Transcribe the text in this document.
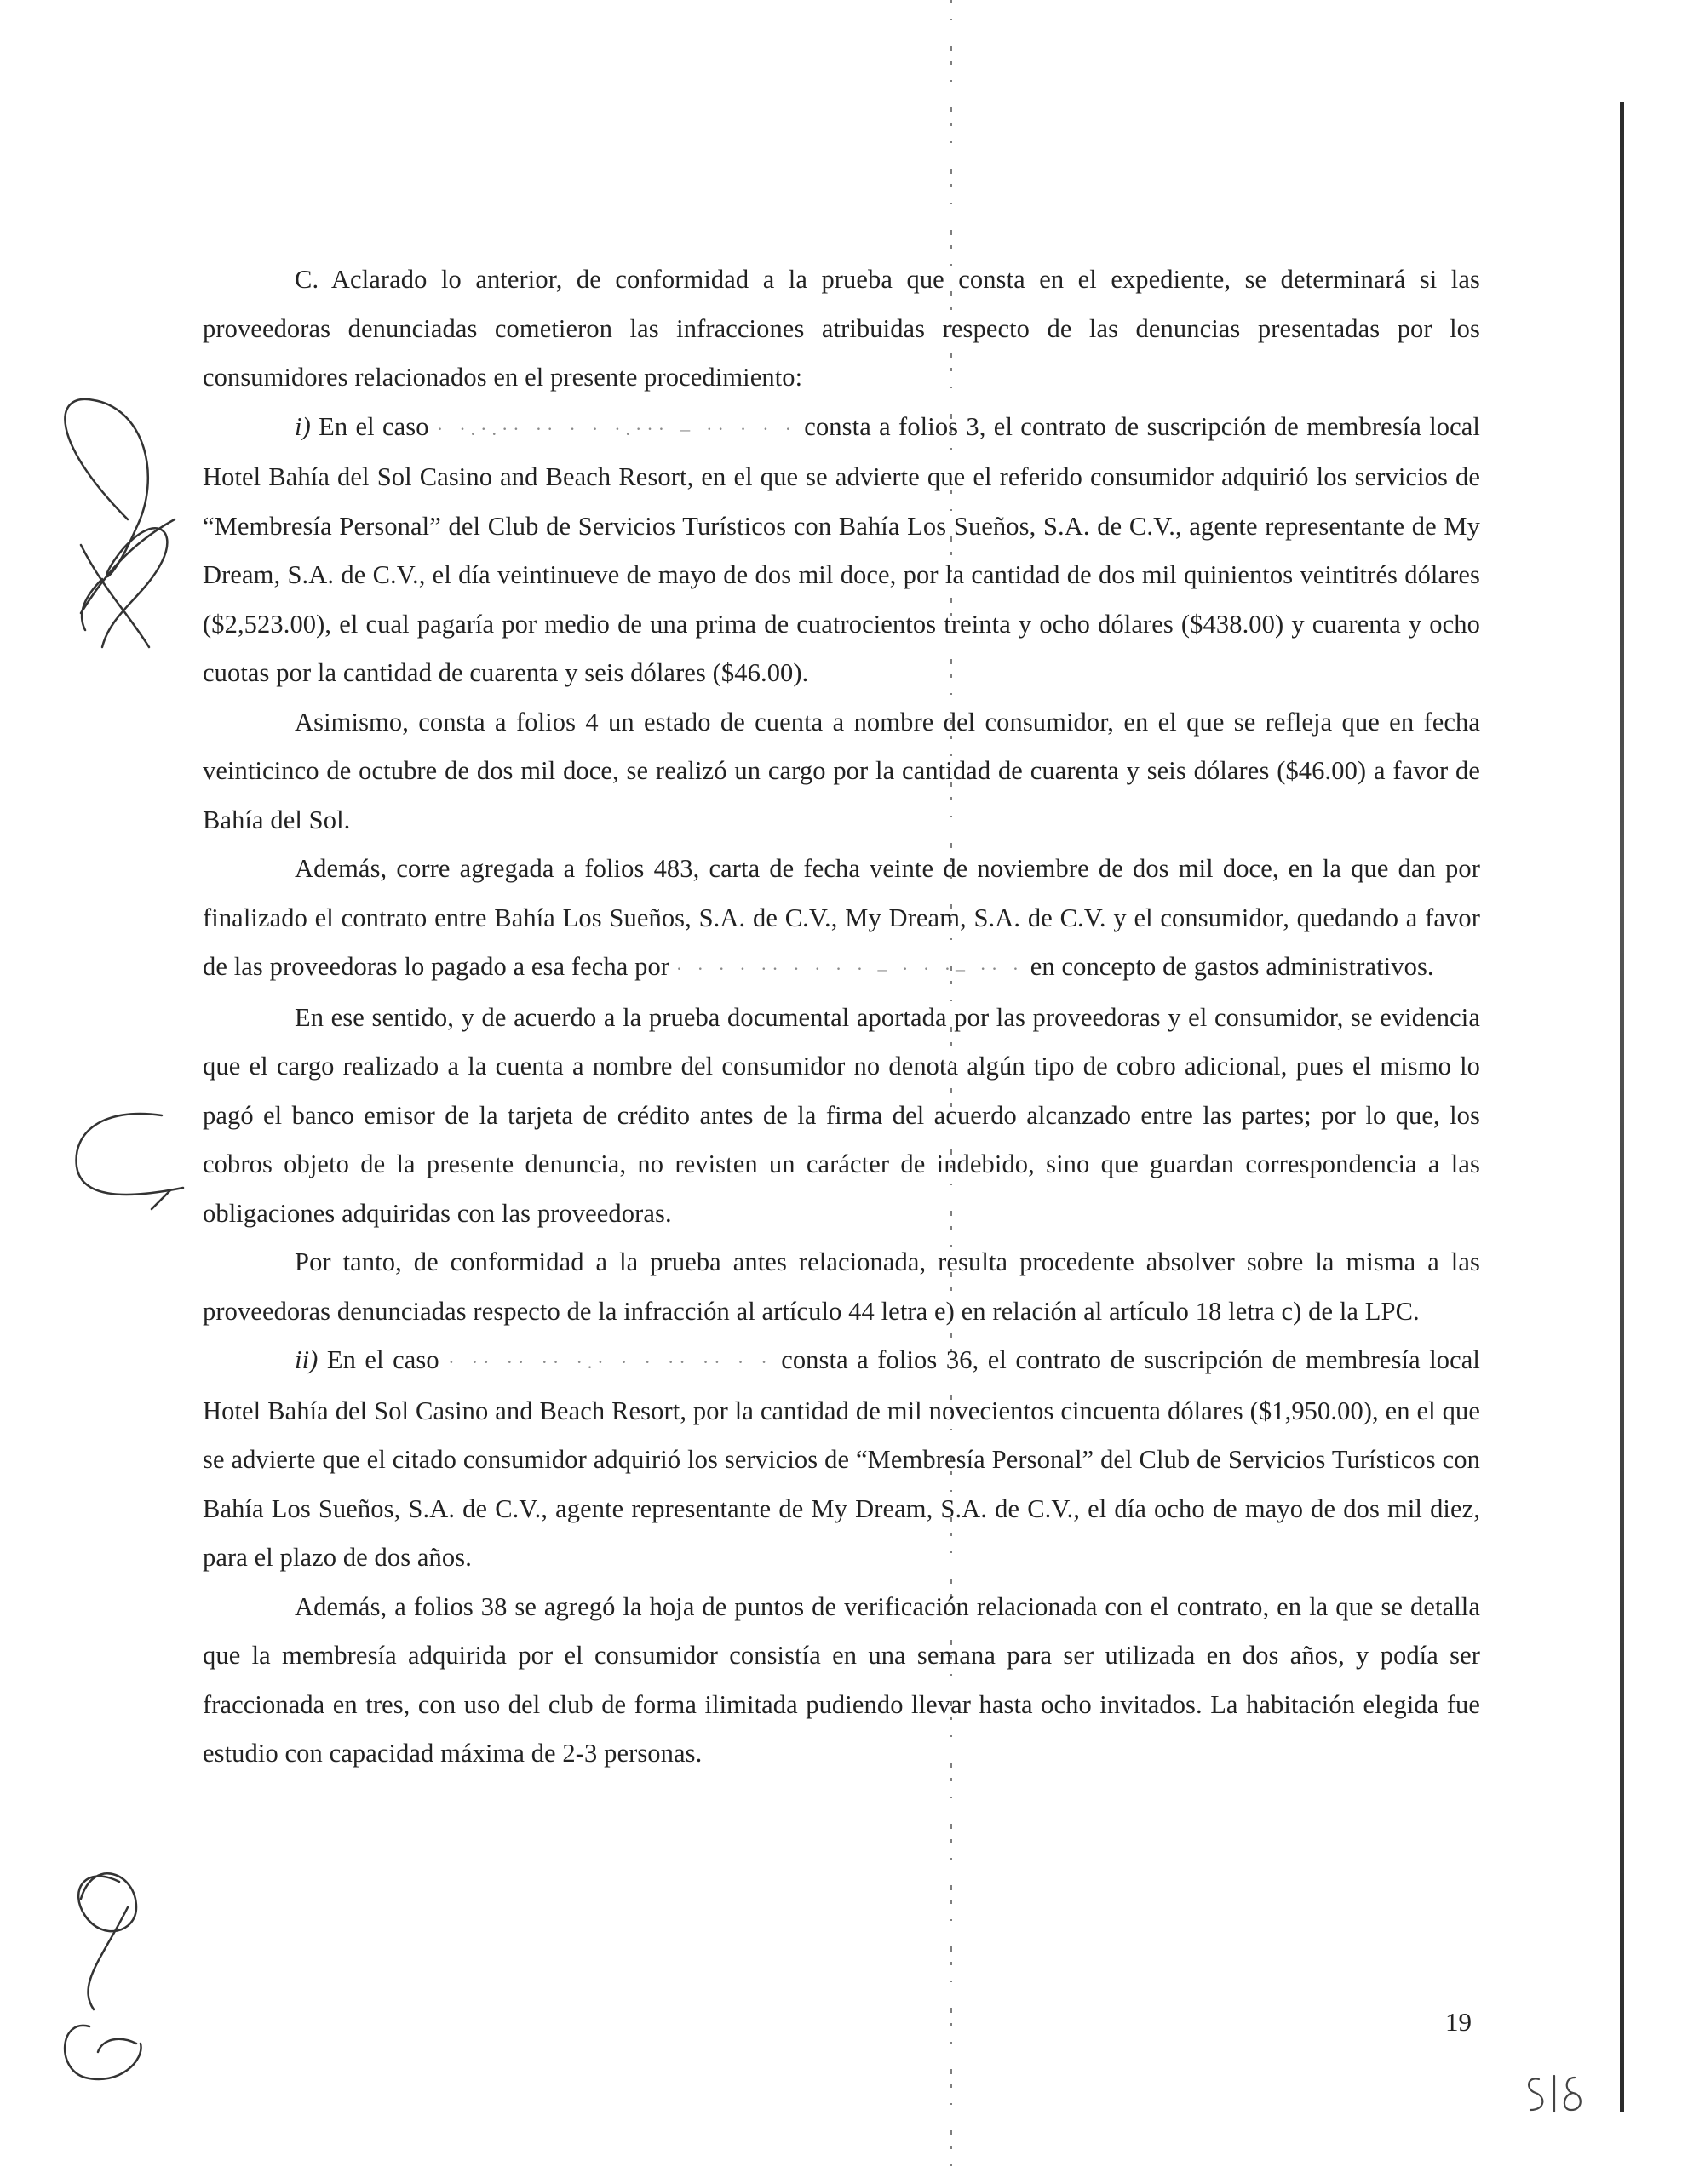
C. Aclarado lo anterior, de conformidad a la prueba que consta en el expediente, se determinará si las proveedoras denunciadas cometieron las infracciones atribuidas respecto de las denuncias presentadas por los consumidores relacionados en el presente procedimiento:

i) En el caso · ·.·.·· ·· · · ·.··· – ·· · · · consta a folios 3, el contrato de suscripción de membresía local Hotel Bahía del Sol Casino and Beach Resort, en el que se advierte que el referido consumidor adquirió los servicios de “Membresía Personal” del Club de Servicios Turísticos con Bahía Los Sueños, S.A. de C.V., agente representante de My Dream, S.A. de C.V., el día veintinueve de mayo de dos mil doce, por la cantidad de dos mil quinientos veintitrés dólares ($2,523.00), el cual pagaría por medio de una prima de cuatrocientos treinta y ocho dólares ($438.00) y cuarenta y ocho cuotas por la cantidad de cuarenta y seis dólares ($46.00).

Asimismo, consta a folios 4 un estado de cuenta a nombre del consumidor, en el que se refleja que en fecha veinticinco de octubre de dos mil doce, se realizó un cargo por la cantidad de cuarenta y seis dólares ($46.00) a favor de Bahía del Sol.

Además, corre agregada a folios 483, carta de fecha veinte de noviembre de dos mil doce, en la que dan por finalizado el contrato entre Bahía Los Sueños, S.A. de C.V., My Dream, S.A. de C.V. y el consumidor, quedando a favor de las proveedoras lo pagado a esa fecha por · · · · ·· · · · · – · · ·– ·· · en concepto de gastos administrativos.

En ese sentido, y de acuerdo a la prueba documental aportada por las proveedoras y el consumidor, se evidencia que el cargo realizado a la cuenta a nombre del consumidor no denota algún tipo de cobro adicional, pues el mismo lo pagó el banco emisor de la tarjeta de crédito antes de la firma del acuerdo alcanzado entre las partes; por lo que, los cobros objeto de la presente denuncia, no revisten un carácter de indebido, sino que guardan correspondencia a las obligaciones adquiridas con las proveedoras.

Por tanto, de conformidad a la prueba antes relacionada, resulta procedente absolver sobre la misma a las proveedoras denunciadas respecto de la infracción al artículo 44 letra e) en relación al artículo 18 letra c) de la LPC.

ii) En el caso · ·· ·· ·· ·.· · · ·· ·· · · consta a folios 36, el contrato de suscripción de membresía local Hotel Bahía del Sol Casino and Beach Resort, por la cantidad de mil novecientos cincuenta dólares ($1,950.00), en el que se advierte que el citado consumidor adquirió los servicios de “Membresía Personal” del Club de Servicios Turísticos con Bahía Los Sueños, S.A. de C.V., agente representante de My Dream, S.A. de C.V., el día ocho de mayo de dos mil diez, para el plazo de dos años.

Además, a folios 38 se agregó la hoja de puntos de verificación relacionada con el contrato, en la que se detalla que la membresía adquirida por el consumidor consistía en una semana para ser utilizada en dos años, y podía ser fraccionada en tres, con uso del club de forma ilimitada pudiendo llevar hasta ocho invitados. La habitación elegida fue estudio con capacidad máxima de 2-3 personas.

19
